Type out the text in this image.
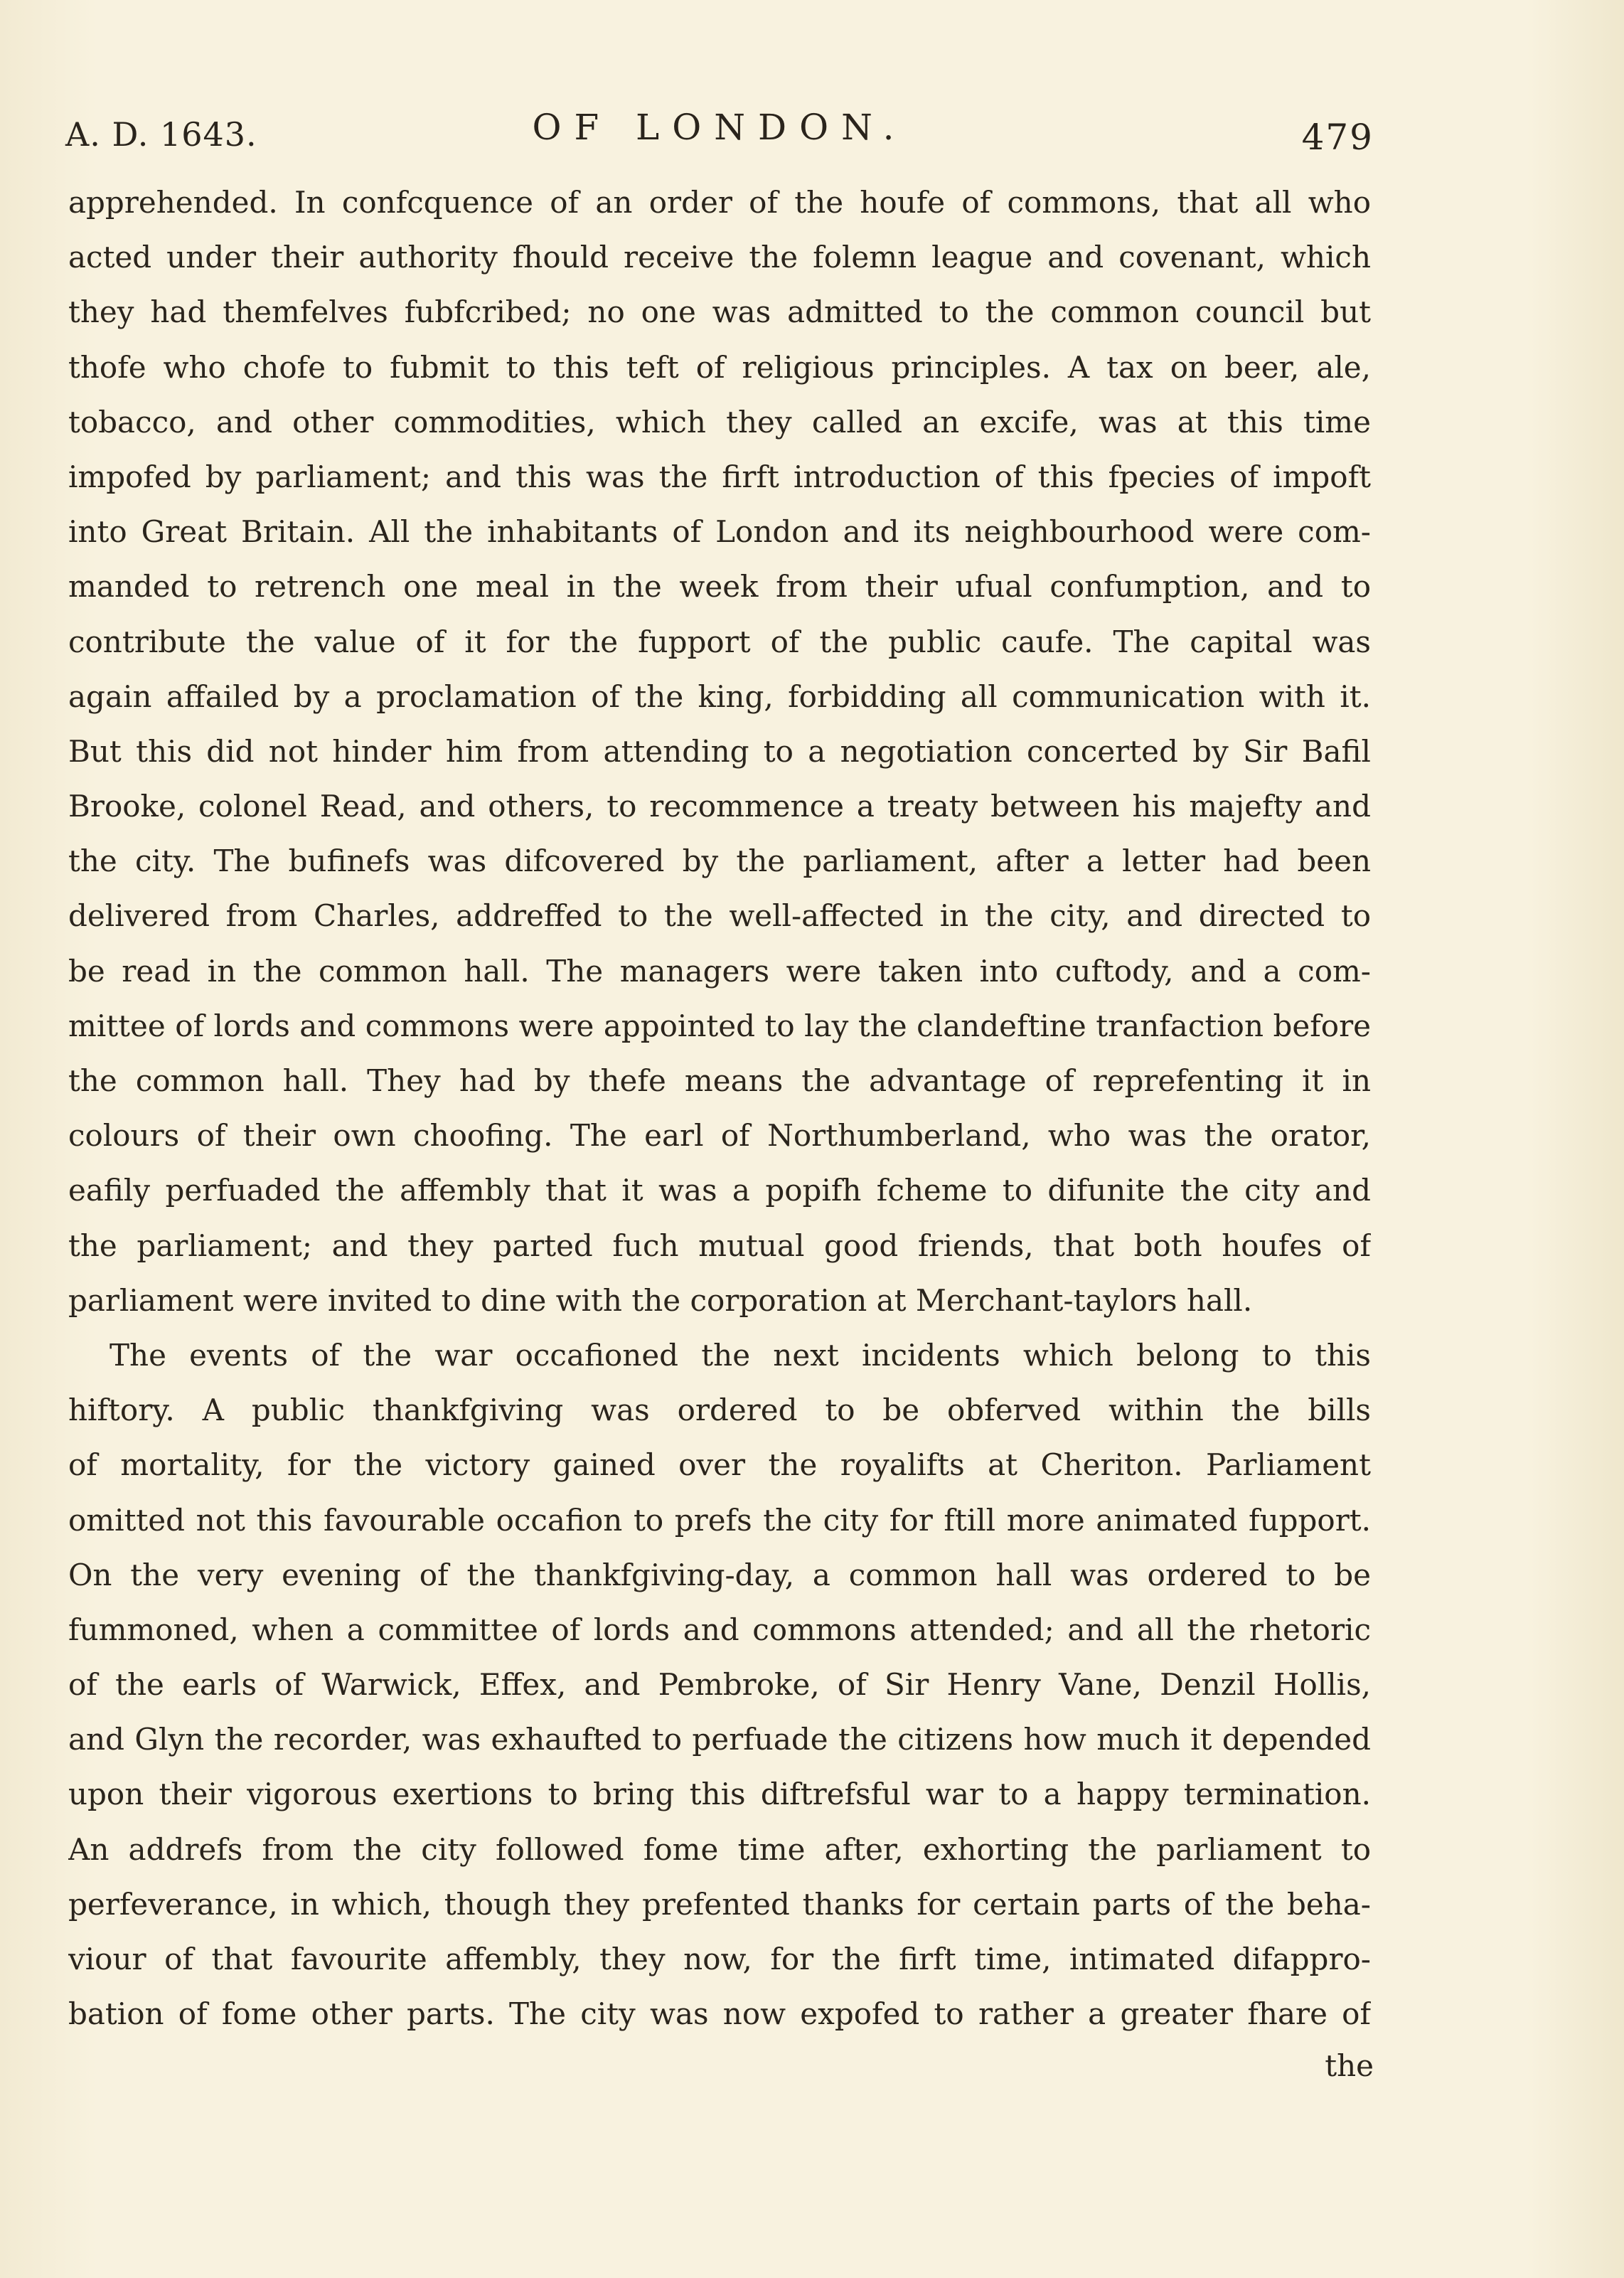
A. D. 1643.	OF LONDON.	479
apprehended. In confcquence of an order of the houfe of commons, that all who
acted under their authority fhould receive the folemn league and covenant, which
they had themfelves fubfcribed; no one was admitted to the common council but
thofe who chofe to fubmit to this teft of religious principles. A tax on beer, ale,
tobacco, and other commodities, which they called an excife, was at this time
impofed by parliament; and this was the firft introduction of this fpecies of impoft
into Great Britain. All the inhabitants of London and its neighbourhood were com-
manded to retrench one meal in the week from their ufual confumption, and to
contribute the value of it for the fupport of the public caufe. The capital was
again affailed by a proclamation of the king, forbidding all communication with it.
But this did not hinder him from attending to a negotiation concerted by Sir Bafil
Brooke, colonel Read, and others, to recommence a treaty between his majefty and
the city. The bufinefs was difcovered by the parliament, after a letter had been
delivered from Charles, addreffed to the well-affected in the city, and directed to
be read in the common hall. The managers were taken into cuftody, and a com-
mittee of lords and commons were appointed to lay the clandeftine tranfaction before
the common hall. They had by thefe means the advantage of reprefenting it in
colours of their own choofing. The earl of Northumberland, who was the orator,
eafily perfuaded the affembly that it was a popifh fcheme to difunite the city and
the parliament; and they parted fuch mutual good friends, that both houfes of
parliament were invited to dine with the corporation at Merchant-taylors hall.
The events of the war occafioned the next incidents which belong to this
hiftory. A public thankfgiving was ordered to be obferved within the bills
of mortality, for the victory gained over the royalifts at Cheriton. Parliament
omitted not this favourable occafion to prefs the city for ftill more animated fupport.
On the very evening of the thankfgiving-day, a common hall was ordered to be
fummoned, when a committee of lords and commons attended; and all the rhetoric
of the earls of Warwick, Effex, and Pembroke, of Sir Henry Vane, Denzil Hollis,
and Glyn the recorder, was exhaufted to perfuade the citizens how much it depended
upon their vigorous exertions to bring this diftrefsful war to a happy termination.
An addrefs from the city followed fome time after, exhorting the parliament to
perfeverance, in which, though they prefented thanks for certain parts of the beha-
viour of that favourite affembly, they now, for the firft time, intimated difappro-
bation of fome other parts. The city was now expofed to rather a greater fhare of
the
